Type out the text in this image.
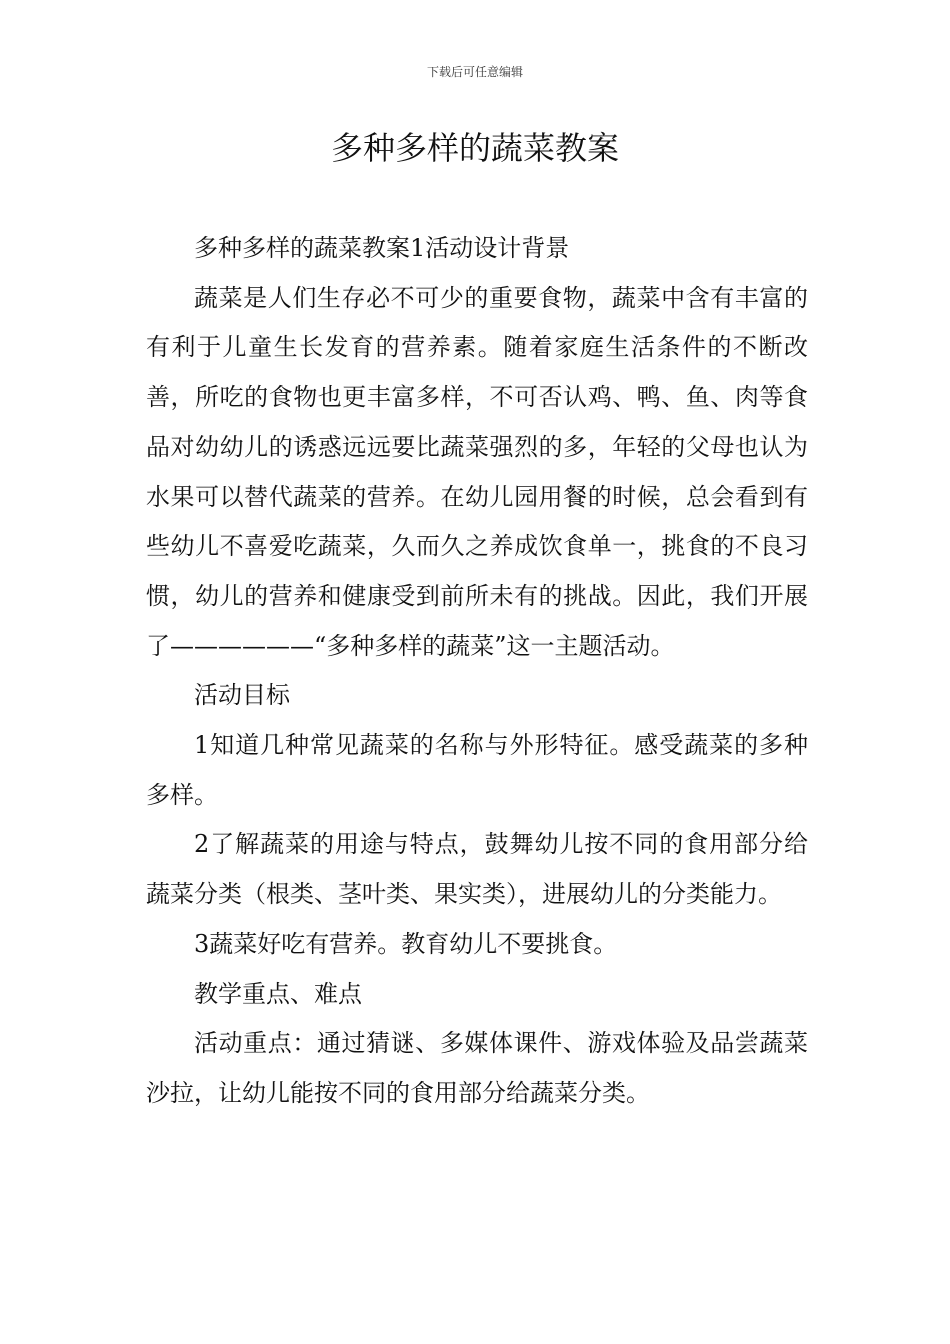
下载后可任意编辑
多种多样的蔬菜教案

多种多样的蔬菜教案1活动设计背景

蔬菜是人们生存必不可少的重要食物，蔬菜中含有丰富的有利于儿童生长发育的营养素。随着家庭生活条件的不断改善，所吃的食物也更丰富多样，不可否认鸡、鸭、鱼、肉等食品对幼幼儿的诱惑远远要比蔬菜强烈的多，年轻的父母也认为水果可以替代蔬菜的营养。在幼儿园用餐的时候，总会看到有些幼儿不喜爱吃蔬菜，久而久之养成饮食单一，挑食的不良习惯，幼儿的营养和健康受到前所未有的挑战。因此，我们开展了——————“多种多样的蔬菜”这一主题活动。

活动目标

1知道几种常见蔬菜的名称与外形特征。感受蔬菜的多种多样。

2了解蔬菜的用途与特点，鼓舞幼儿按不同的食用部分给蔬菜分类（根类、茎叶类、果实类），进展幼儿的分类能力。

3蔬菜好吃有营养。教育幼儿不要挑食。

教学重点、难点

活动重点：通过猜谜、多媒体课件、游戏体验及品尝蔬菜沙拉，让幼儿能按不同的食用部分给蔬菜分类。
